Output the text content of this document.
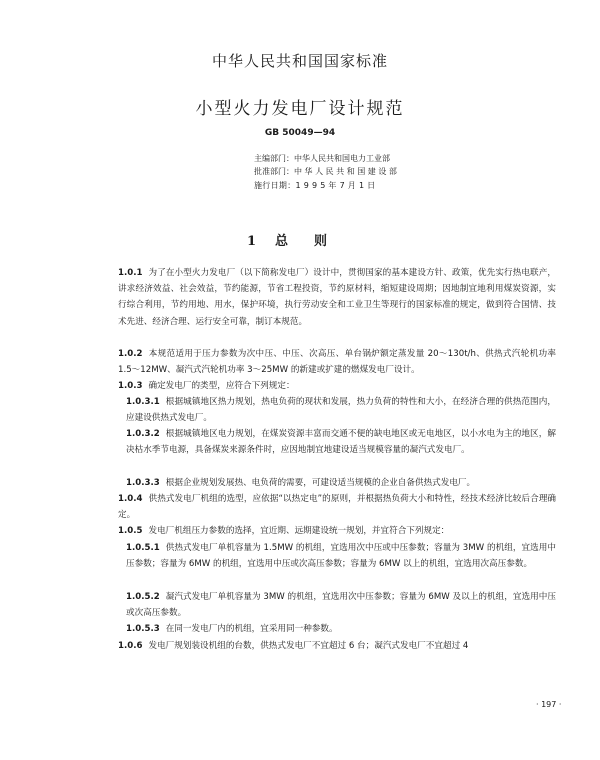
中华人民共和国国家标准
小型火力发电厂设计规范
GB 50049—94
主编部门：中华人民共和国电力工业部
批准部门：中 华 人 民 共 和 国 建 设 部
施行日期：1 9 9 5 年 7 月 1 日
1 总则
1.0.1 为了在小型火力发电厂（以下简称发电厂）设计中，贯彻国家的基本建设方针、政策，优先实行热电联产，讲求经济效益、社会效益，节约能源，节省工程投资，节约原材料，缩短建设周期；因地制宜地利用煤炭资源，实行综合利用，节约用地、用水，保护环境，执行劳动安全和工业卫生等现行的国家标准的规定，做到符合国情、技术先进、经济合理、运行安全可靠，制订本规范。
1.0.2 本规范适用于压力参数为次中压、中压、次高压、单台锅炉额定蒸发量 20～130t/h、供热式汽轮机功率 1.5～12MW、凝汽式汽轮机功率 3～25MW 的新建或扩建的燃煤发电厂设计。
1.0.3 确定发电厂的类型，应符合下列规定：
1.0.3.1 根据城镇地区热力规划，热电负荷的现状和发展，热力负荷的特性和大小，在经济合理的供热范围内，应建设供热式发电厂。
1.0.3.2 根据城镇地区电力规划，在煤炭资源丰富而交通不便的缺电地区或无电地区，以小水电为主的地区，解决枯水季节电源，具备煤炭来源条件时，应因地制宜地建设适当规模容量的凝汽式发电厂。
1.0.3.3 根据企业规划发展热、电负荷的需要，可建设适当规模的企业自备供热式发电厂。
1.0.4 供热式发电厂机组的选型，应依据“以热定电”的原则，并根据热负荷大小和特性，经技术经济比较后合理确定。
1.0.5 发电厂机组压力参数的选择，宜近期、远期建设统一规划，并宜符合下列规定：
1.0.5.1 供热式发电厂单机容量为 1.5MW 的机组，宜选用次中压或中压参数；容量为 3MW 的机组，宜选用中压参数；容量为 6MW 的机组，宜选用中压或次高压参数；容量为 6MW 以上的机组，宜选用次高压参数。
1.0.5.2 凝汽式发电厂单机容量为 3MW 的机组，宜选用次中压参数；容量为 6MW 及以上的机组，宜选用中压或次高压参数。
1.0.5.3 在同一发电厂内的机组，宜采用同一种参数。
1.0.6 发电厂规划装设机组的台数，供热式发电厂不宜超过 6 台；凝汽式发电厂不宜超过 4
· 197 ·
